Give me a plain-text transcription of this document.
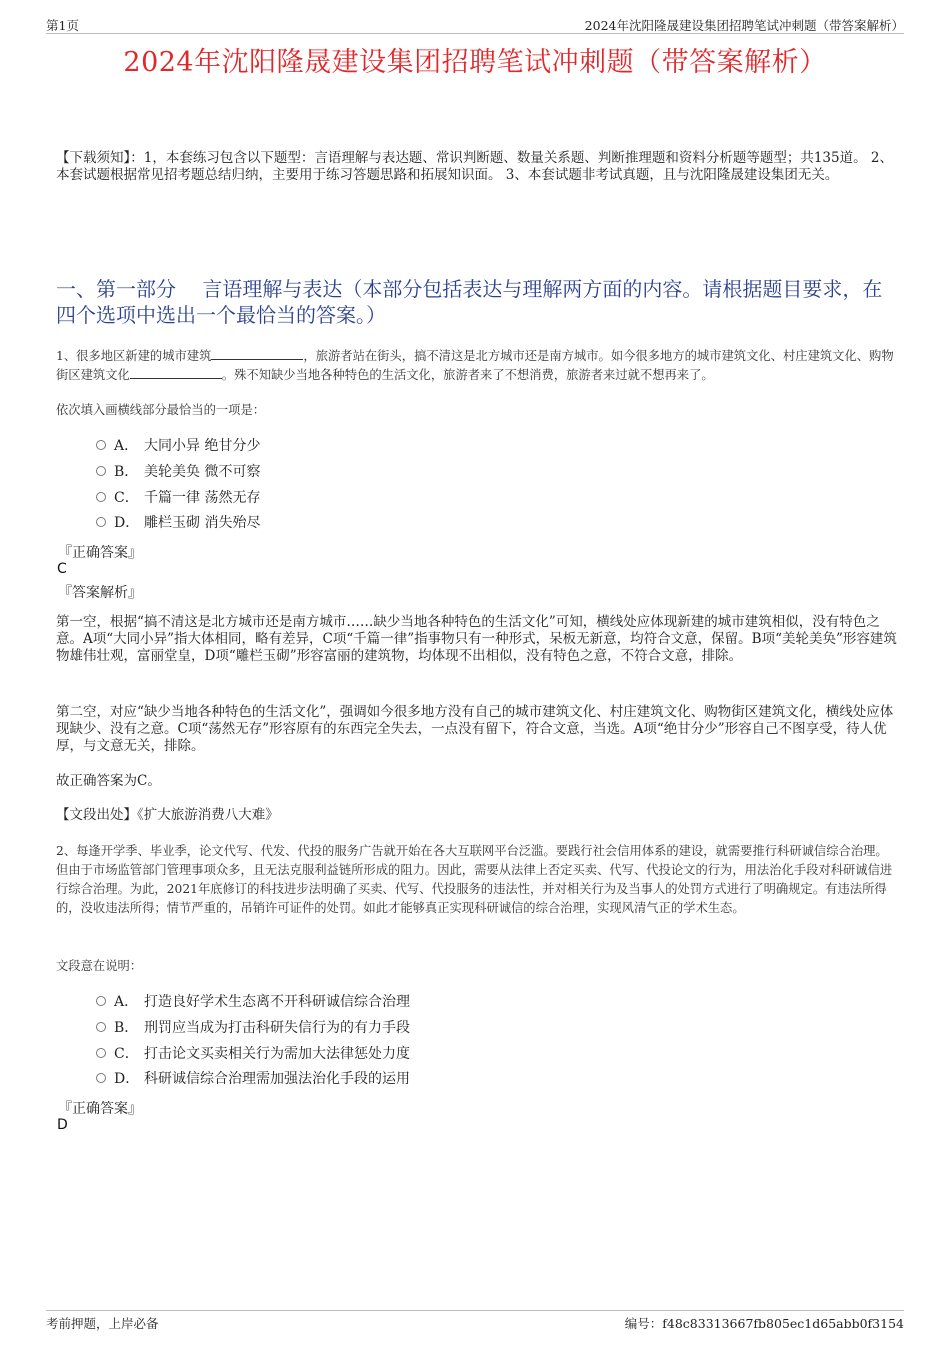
第1页	2024年沈阳隆晟建设集团招聘笔试冲刺题（带答案解析）
2024年沈阳隆晟建设集团招聘笔试冲刺题（带答案解析）
【下载须知】：1，本套练习包含以下题型：言语理解与表达题、常识判断题、数量关系题、判断推理题和资料分析题等题型；共135道。 2、本套试题根据常见招考题总结归纳，主要用于练习答题思路和拓展知识面。 3、本套试题非考试真题，且与沈阳隆晟建设集团无关。
一、第一部分　 言语理解与表达（本部分包括表达与理解两方面的内容。请根据题目要求，在四个选项中选出一个最恰当的答案。）
1、很多地区新建的城市建筑	，旅游者站在街头，搞不清这是北方城市还是南方城市。如今很多地方的城市建筑文化、村庄建筑文化、购物街区建筑文化	。殊不知缺少当地各种特色的生活文化，旅游者来了不想消费，旅游者来过就不想再来了。
依次填入画横线部分最恰当的一项是：
A． 大同小异 绝甘分少
B． 美轮美奂 微不可察
C． 千篇一律 荡然无存
D． 雕栏玉砌 消失殆尽
『正确答案』
C
『答案解析』
第一空，根据“搞不清这是北方城市还是南方城市……缺少当地各种特色的生活文化”可知，横线处应体现新建的城市建筑相似，没有特色之意。A项“大同小异”指大体相同，略有差异，C项“千篇一律”指事物只有一种形式，呆板无新意，均符合文意，保留。B项“美轮美奂”形容建筑物雄伟壮观，富丽堂皇，D项“雕栏玉砌”形容富丽的建筑物，均体现不出相似，没有特色之意，不符合文意，排除。
第二空，对应“缺少当地各种特色的生活文化”，强调如今很多地方没有自己的城市建筑文化、村庄建筑文化、购物街区建筑文化，横线处应体现缺少、没有之意。C项“荡然无存”形容原有的东西完全失去，一点没有留下，符合文意，当选。A项“绝甘分少”形容自己不图享受，待人优厚，与文意无关，排除。
故正确答案为C。
【文段出处】《扩大旅游消费八大难》
2、每逢开学季、毕业季，论文代写、代发、代投的服务广告就开始在各大互联网平台泛滥。要践行社会信用体系的建设，就需要推行科研诚信综合治理。但由于市场监管部门管理事项众多，且无法克服利益链所形成的阻力。因此，需要从法律上否定买卖、代写、代投论文的行为，用法治化手段对科研诚信进行综合治理。为此，2021年底修订的科技进步法明确了买卖、代写、代投服务的违法性，并对相关行为及当事人的处罚方式进行了明确规定。有违法所得的，没收违法所得；情节严重的，吊销许可证件的处罚。如此才能够真正实现科研诚信的综合治理，实现风清气正的学术生态。
文段意在说明：
A． 打造良好学术生态离不开科研诚信综合治理
B． 刑罚应当成为打击科研失信行为的有力手段
C． 打击论文买卖相关行为需加大法律惩处力度
D． 科研诚信综合治理需加强法治化手段的运用
『正确答案』
D
考前押题，上岸必备	编号：f48c83313667fb805ec1d65abb0f3154
